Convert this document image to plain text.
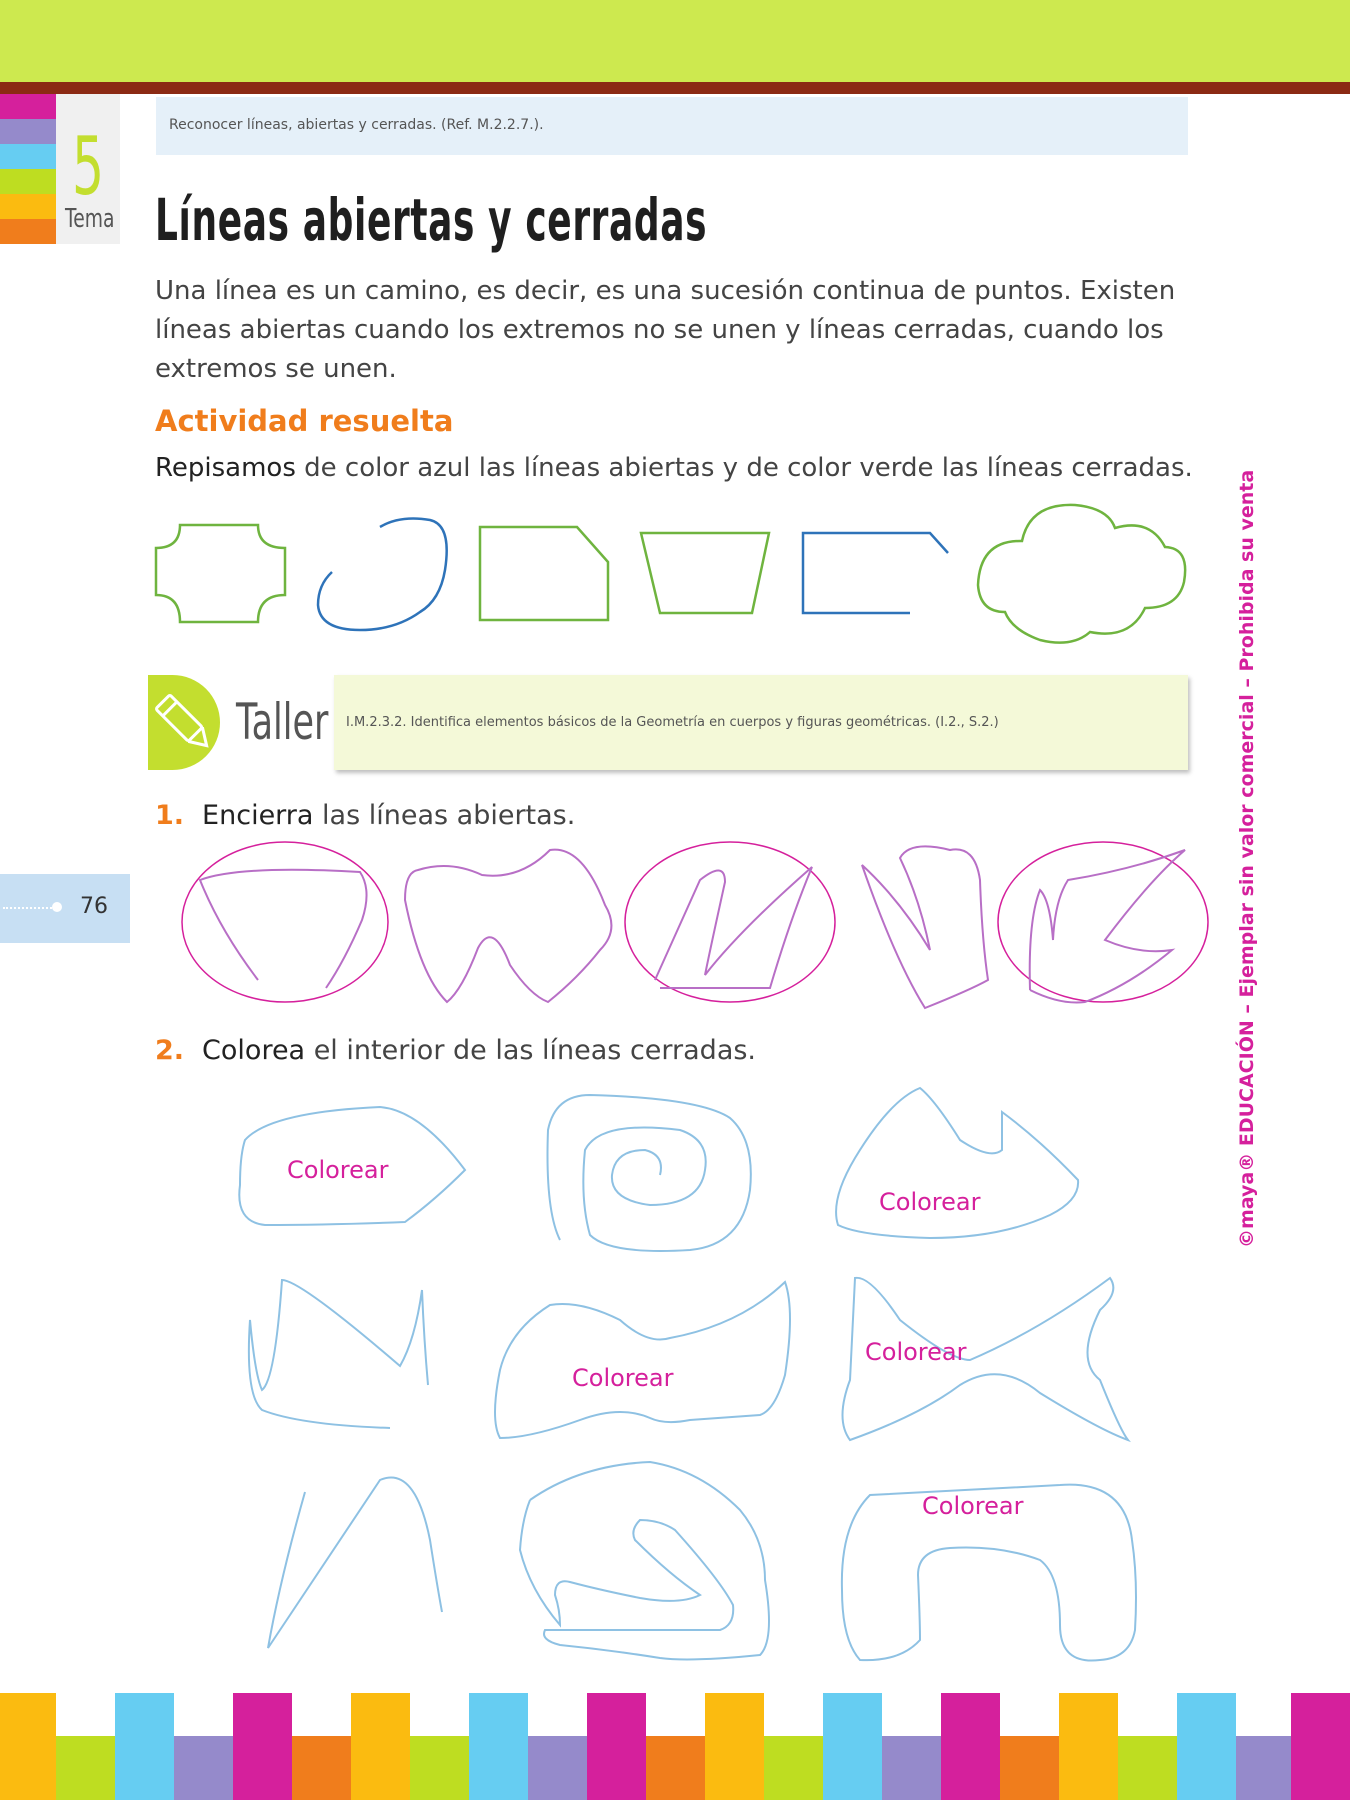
5
Tema
Reconocer líneas, abiertas y cerradas. (Ref. M.2.2.7.).
Líneas abiertas y cerradas
Una línea es un camino, es decir, es una sucesión continua de puntos. Existen líneas abiertas cuando los extremos no se unen y líneas cerradas, cuando los extremos se unen.
Actividad resuelta
Repisamos de color azul las líneas abiertas y de color verde las líneas cerradas.
Taller I.M.2.3.2. Identifica elementos básicos de la Geometría en cuerpos y figuras geométricas. (I.2., S.2.)
1. Encierra las líneas abiertas.
2. Colorea el interior de las líneas cerradas.
76	©maya® EDUCACIÓN – Ejemplar sin valor comercial – Prohibida su venta
Colorear
Colorear
Colorear
Colorear
Colorear
